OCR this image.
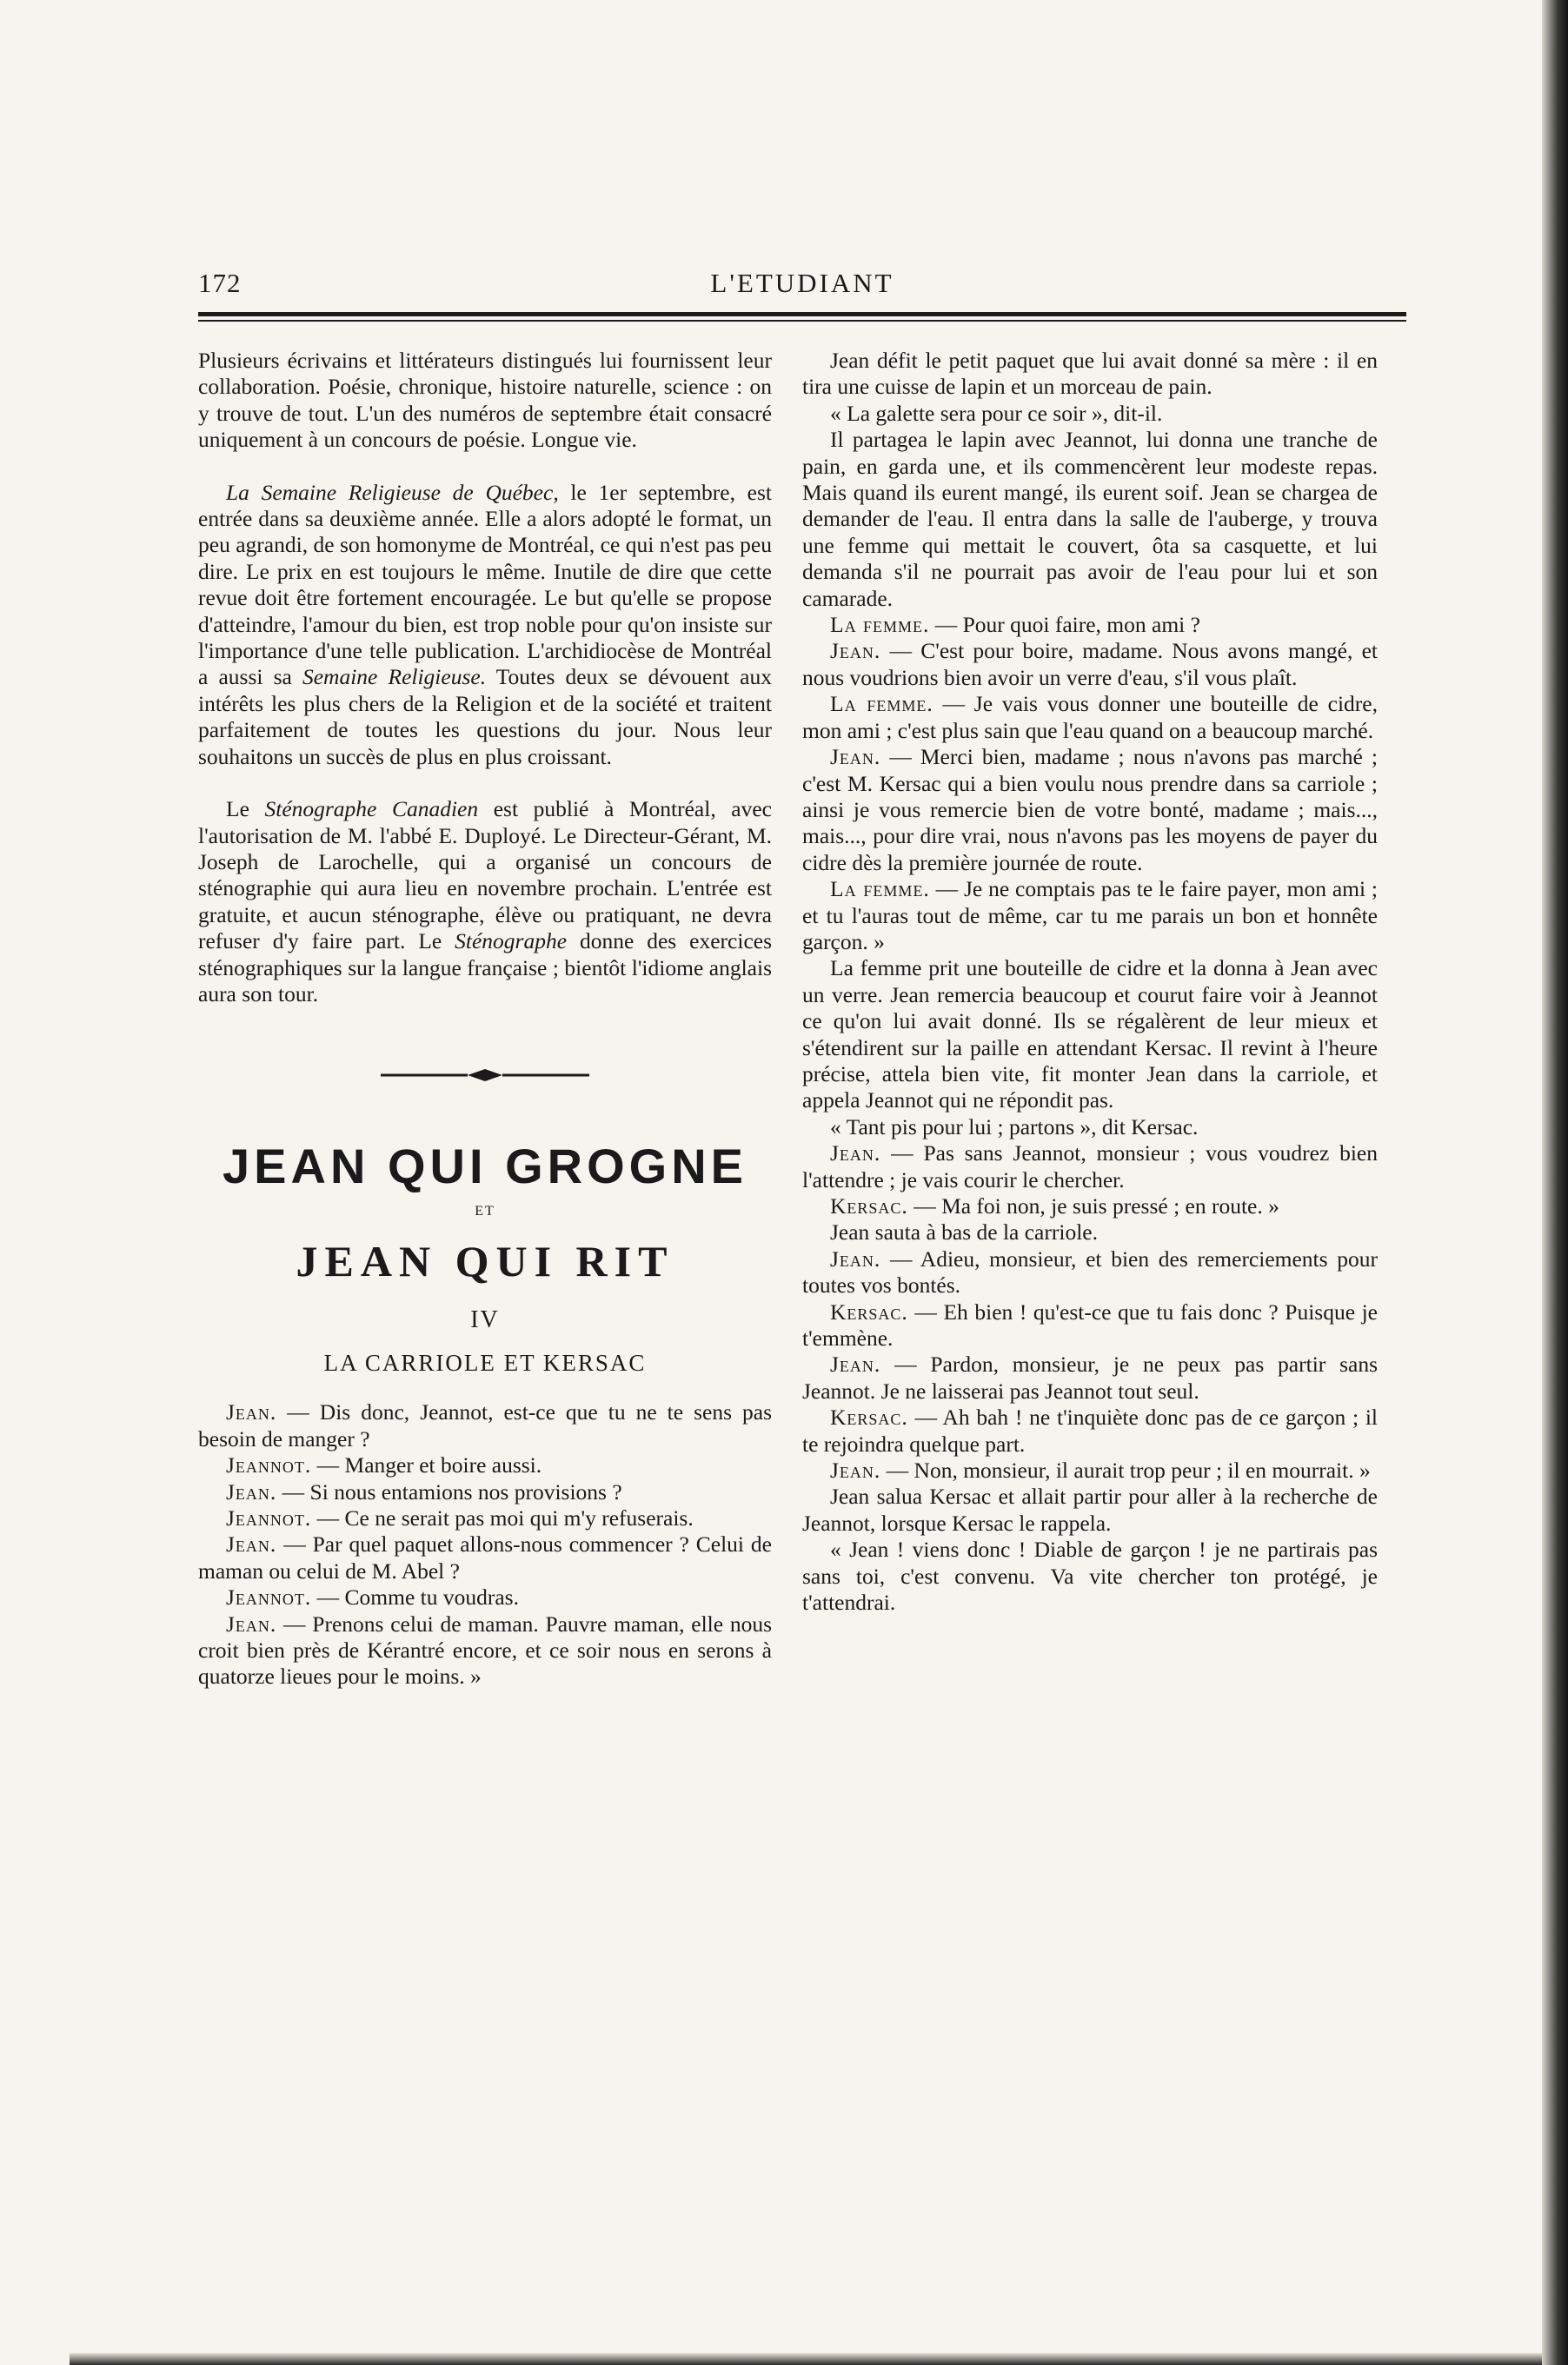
172	L'ETUDIANT

Plusieurs écrivains et littérateurs distingués lui fournissent leur collaboration. Poésie, chronique, histoire naturelle, science : on y trouve de tout. L'un des numéros de septembre était consacré uniquement à un concours de poésie. Longue vie.

La Semaine Religieuse de Québec, le 1er septembre, est entrée dans sa deuxième année. Elle a alors adopté le format, un peu agrandi, de son homonyme de Montréal, ce qui n'est pas peu dire. Le prix en est toujours le même. Inutile de dire que cette revue doit être fortement encouragée. Le but qu'elle se propose d'atteindre, l'amour du bien, est trop noble pour qu'on insiste sur l'importance d'une telle publication. L'archidiocèse de Montréal a aussi sa Semaine Religieuse. Toutes deux se dévouent aux intérêts les plus chers de la Religion et de la société et traitent parfaitement de toutes les questions du jour. Nous leur souhaitons un succès de plus en plus croissant.

Le Sténographe Canadien est publié à Montréal, avec l'autorisation de M. l'abbé E. Duployé. Le Directeur-Gérant, M. Joseph de Larochelle, qui a organisé un concours de sténographie qui aura lieu en novembre prochain. L'entrée est gratuite, et aucun sténographe, élève ou pratiquant, ne devra refuser d'y faire part. Le Sténographe donne des exercices sténographiques sur la langue française ; bientôt l'idiome anglais aura son tour.

JEAN QUI GROGNE
ET
JEAN QUI RIT
IV
LA CARRIOLE ET KERSAC

Jean. — Dis donc, Jeannot, est-ce que tu ne te sens pas besoin de manger ?

Jeannot. — Manger et boire aussi.

Jean. — Si nous entamions nos provisions ?

Jeannot. — Ce ne serait pas moi qui m'y refuserais.

Jean. — Par quel paquet allons-nous commencer ? Celui de maman ou celui de M. Abel ?

Jeannot. — Comme tu voudras.

Jean. — Prenons celui de maman. Pauvre maman, elle nous croit bien près de Kérantré encore, et ce soir nous en serons à quatorze lieues pour le moins. »

Jean défit le petit paquet que lui avait donné sa mère : il en tira une cuisse de lapin et un morceau de pain.

« La galette sera pour ce soir », dit-il.

Il partagea le lapin avec Jeannot, lui donna une tranche de pain, en garda une, et ils commencèrent leur modeste repas. Mais quand ils eurent mangé, ils eurent soif. Jean se chargea de demander de l'eau. Il entra dans la salle de l'auberge, y trouva une femme qui mettait le couvert, ôta sa casquette, et lui demanda s'il ne pourrait pas avoir de l'eau pour lui et son camarade.

La femme. — Pour quoi faire, mon ami ?

Jean. — C'est pour boire, madame. Nous avons mangé, et nous voudrions bien avoir un verre d'eau, s'il vous plaît.

La femme. — Je vais vous donner une bouteille de cidre, mon ami ; c'est plus sain que l'eau quand on a beaucoup marché.

Jean. — Merci bien, madame ; nous n'avons pas marché ; c'est M. Kersac qui a bien voulu nous prendre dans sa carriole ; ainsi je vous remercie bien de votre bonté, madame ; mais..., mais..., pour dire vrai, nous n'avons pas les moyens de payer du cidre dès la première journée de route.

La femme. — Je ne comptais pas te le faire payer, mon ami ; et tu l'auras tout de même, car tu me parais un bon et honnête garçon. »

La femme prit une bouteille de cidre et la donna à Jean avec un verre. Jean remercia beaucoup et courut faire voir à Jeannot ce qu'on lui avait donné. Ils se régalèrent de leur mieux et s'étendirent sur la paille en attendant Kersac. Il revint à l'heure précise, attela bien vite, fit monter Jean dans la carriole, et appela Jeannot qui ne répondit pas.

« Tant pis pour lui ; partons », dit Kersac.

Jean. — Pas sans Jeannot, monsieur ; vous voudrez bien l'attendre ; je vais courir le chercher.

Kersac. — Ma foi non, je suis pressé ; en route. »

Jean sauta à bas de la carriole.

Jean. — Adieu, monsieur, et bien des remerciements pour toutes vos bontés.

Kersac. — Eh bien ! qu'est-ce que tu fais donc ? Puisque je t'emmène.

Jean. — Pardon, monsieur, je ne peux pas partir sans Jeannot. Je ne laisserai pas Jeannot tout seul.

Kersac. — Ah bah ! ne t'inquiète donc pas de ce garçon ; il te rejoindra quelque part.

Jean. — Non, monsieur, il aurait trop peur ; il en mourrait. »

Jean salua Kersac et allait partir pour aller à la recherche de Jeannot, lorsque Kersac le rappela.

« Jean ! viens donc ! Diable de garçon ! je ne partirais pas sans toi, c'est convenu. Va vite chercher ton protégé, je t'attendrai.
